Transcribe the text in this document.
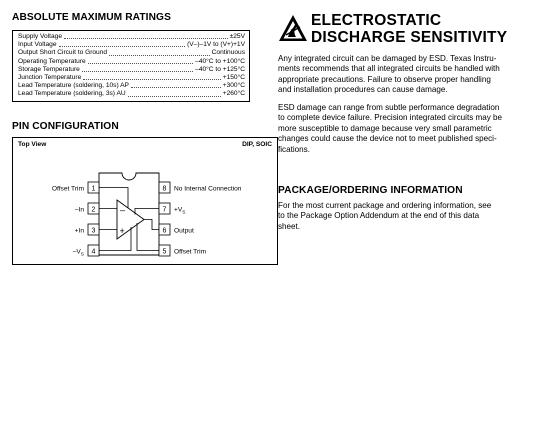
ABSOLUTE MAXIMUM RATINGS
Supply Voltage	±25V
Input Voltage	(V–)–1V to (V+)+1V
Output Short Circuit to Ground	Continuous
Operating Temperature	–40°C to +100°C
Storage Temperature	–40°C to +125°C
Junction Temperature	+150°C
Lead Temperature (soldering, 10s) AP	+300°C
Lead Temperature (soldering, 3s) AU	+260°C
PIN CONFIGURATION
Top View	DIP, SOIC
1
2
3
4
8
7
6
5
Offset Trim
–In
+In
$-V_S$
No Internal Connection
$+V_S$
Output
Offset Trim
–
+
ELECTROSTATIC
DISCHARGE SENSITIVITY
Any integrated circuit can be damaged by ESD. Texas Instru-
ments recommends that all integrated circuits be handled with
appropriate precautions. Failure to observe proper handling
and installation procedures can cause damage.
ESD damage can range from subtle performance degradation
to complete device failure. Precision integrated circuits may be
more susceptible to damage because very small parametric
changes could cause the device not to meet published speci-
fications.
PACKAGE/ORDERING INFORMATION
For the most current package and ordering information, see
to the Package Option Addendum at the end of this data
sheet.
